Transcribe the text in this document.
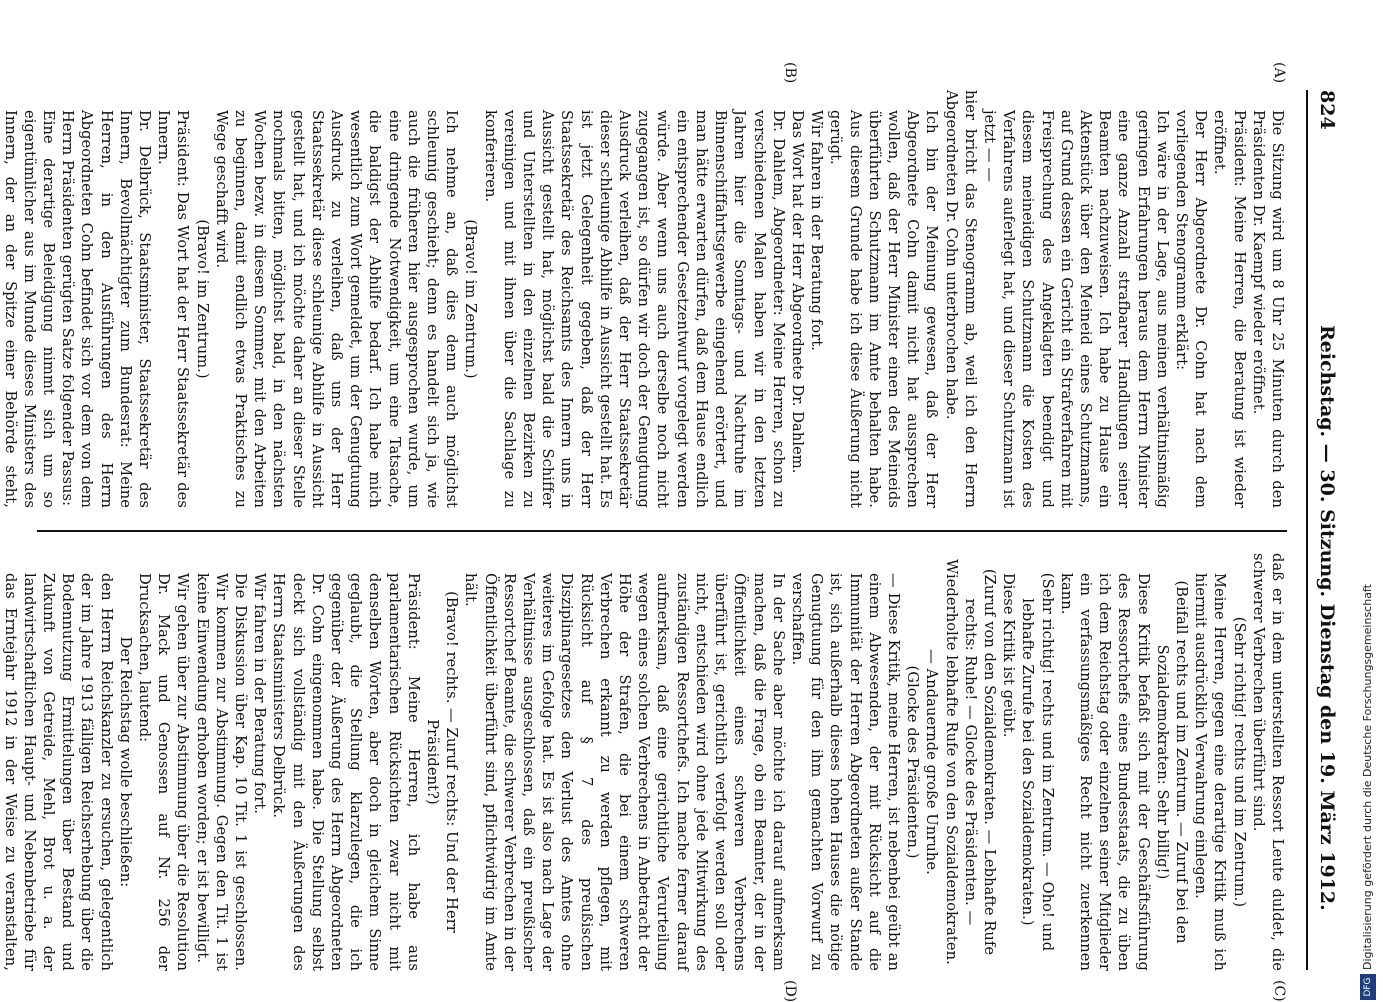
824
Reichstag. — 30. Sitzung. Dienstag den 19. März 1912.
(A)
(B)
(C)
(D)

Die Sitzung wird um 8 Uhr 25 Minuten durch den Präsidenten Dr. Kaempf wieder eröffnet.

Präsident: Meine Herren, die Beratung ist wieder eröffnet.

Der Herr Abgeordnete Dr. Cohn hat nach dem vorliegenden Stenogramm erklärt:

Ich wäre in der Lage, aus meinen verhältnismäßig geringen Erfahrungen heraus dem Herrn Minister eine ganze Anzahl strafbarer Handlungen seiner Beamten nachzuweisen. Ich habe zu Hause ein Aktenstück über den Meineid eines Schutzmanns, auf Grund dessen ein Gericht ein Strafverfahren mit Freisprechung des Angeklagten beendigt und diesem meineidigen Schutzmann die Kosten des Verfahrens auferlegt hat, und dieser Schutzmann ist jetzt — —

hier bricht das Stenogramm ab, weil ich den Herrn Abgeordneten Dr. Cohn unterbrochen habe.

Ich bin der Meinung gewesen, daß der Herr Abgeordnete Cohn damit nicht hat aussprechen wollen, daß der Herr Minister einen des Meineids überführten Schutzmann im Amte behalten habe. Aus diesem Grunde habe ich diese Äußerung nicht gerügt.

Wir fahren in der Beratung fort.

Das Wort hat der Herr Abgeordnete Dr. Dahlem.

Dr. Dahlem, Abgeordneter: Meine Herren, schon zu verschiedenen Malen haben wir in den letzten Jahren hier die Sonntags- und Nachtruhe im Binnenschiffahrtsgewerbe eingehend erörtert, und man hätte erwarten dürfen, daß dem Hause endlich ein entsprechender Gesetzentwurf vorgelegt werden würde. Aber wenn uns auch derselbe noch nicht zugegangen ist, so dürfen wir doch der Genugtuung Ausdruck verleihen, daß der Herr Staatssekretär dieser schleunige Abhilfe in Aussicht gestellt hat. Es ist jetzt Gelegenheit gegeben, daß der Herr Staatssekretär des Reichsamts des Innern uns in Aussicht gestellt hat, möglichst bald die Schiffer und Unterstellten in den einzelnen Bezirken zu vereinigen und mit ihnen über die Sachlage zu konferieren.

(Bravo! im Zentrum.)

Ich nehme an, daß dies denn auch möglichst schleunig geschieht; denn es handelt sich ja, wie auch die früheren hier ausgesprochen wurde, um eine dringende Notwendigkeit, um eine Tatsache, die baldigst der Abhilfe bedarf. Ich habe mich wesentlich zum Wort gemeldet, um der Genugtuung Ausdruck zu verleihen, daß uns der Herr Staatssekretär diese schleunige Abhilfe in Aussicht gestellt hat, und ich möchte daher an dieser Stelle nochmals bitten, möglichst bald, in den nächsten Wochen bezw. in diesem Sommer, mit den Arbeiten zu beginnen, damit endlich etwas Praktisches zu Wege geschafft wird.

(Bravo! im Zentrum.)

Präsident: Das Wort hat der Herr Staatssekretär des Innern.

Dr. Delbrück, Staatsminister, Staatssekretär des Innern, Bevollmächtigter zum Bundesrat: Meine Herren, in den Ausführungen des Herrn Abgeordneten Cohn befindet sich vor dem von dem Herrn Präsidenten gerügten Satze folgender Passus:

Eine derartige Beleidigung nimmt sich um so eigentümlicher aus im Munde dieses Ministers des Innern, der an der Spitze einer Behörde steht,

daß er in dem unterstellten Ressort Leute duldet, die schwerer Verbrechen überführt sind.

(Sehr richtig! rechts und im Zentrum.)

Meine Herren, gegen eine derartige Kritik muß ich hiermit ausdrücklich Verwahrung einlegen.

(Beifall rechts und im Zentrum. — Zuruf bei den Sozialdemokraten: Sehr billig!)

Diese Kritik befaßt sich mit der Geschäftsführung des Ressortchefs eines Bundesstaats, die zu üben ich dem Reichstag oder einzelnen seiner Mitglieder ein verfassungsmäßiges Recht nicht zuerkennen kann.

(Sehr richtig! rechts und im Zentrum. — Oho! und lebhafte Zurufe bei den Sozialdemokraten.)

Diese Kritik ist geübt.

(Zuruf von den Sozialdemokraten. — Lebhafte Rufe rechts: Ruhe! — Glocke des Präsidenten. — Wiederholte lebhafte Rufe von den Sozialdemokraten. — Andauernde große Unruhe.

(Glocke des Präsidenten.)

— Diese Kritik, meine Herren, ist nebenbei geübt an einem Abwesenden, der mit Rücksicht auf die Immunität der Herren Abgeordneten außer Stande ist, sich außerhalb dieses hohen Hauses die nötige Genugtuung für den ihm gemachten Vorwurf zu verschaffen.

In der Sache aber möchte ich darauf aufmerksam machen, daß die Frage, ob ein Beamter, der in der Öffentlichkeit eines schweren Verbrechens überführt ist, gerichtlich verfolgt werden soll oder nicht, entschieden wird ohne jede Mitwirkung des zuständigen Ressortchefs. Ich mache ferner darauf aufmerksam, daß eine gerichtliche Verurteilung wegen eines solchen Verbrechens in Anbetracht der Höhe der Strafen, die bei einem schweren Verbrechen erkannt zu werden pflegen, mit Rücksicht auf § 7 des preußischen Disziplinargesetzes den Verlust des Amtes ohne weiteres im Gefolge hat. Es ist also nach Lage der Verhältnisse ausgeschlossen, daß ein preußischer Ressortchef Beamte, die schwerer Verbrechen in der Öffentlichkeit überführt sind, pflichtwidrig im Amte hält.

(Bravo! rechts. — Zuruf rechts: Und der Herr Präsident?)

Präsident: Meine Herren, ich habe aus parlamentarischen Rücksichten zwar nicht mit denselben Worten, aber doch in gleichem Sinne geglaubt, die Stellung klarzulegen, die ich gegenüber der Äußerung des Herrn Abgeordneten Dr. Cohn eingenommen habe. Die Stellung selbst deckt sich vollständig mit den Äußerungen des Herrn Staatsministers Delbrück.

Wir fahren in der Beratung fort.

Die Diskussion über Kap. 10 Tit. 1 ist geschlossen. Wir kommen zur Abstimmung. Gegen den Tit. 1 ist keine Einwendung erhoben worden; er ist bewilligt.

Wir gehen über zur Abstimmung über die Resolution Dr. Mack und Genossen auf Nr. 256 der Drucksachen, lautend:

Der Reichstag wolle beschließen:

den Herrn Reichskanzler zu ersuchen, gelegentlich der im Jahre 1913 fälligen Reichserhebung über die Bodennutzung Ermittelungen über Bestand und Zukunft von Getreide, Mehl, Brot u. a. der landwirtschaftlichen Haupt- und Nebenbetriebe für das Erntejahr 1912 in der Weise zu veranstalten,

DFGDigitalisierung gefördert durch die Deutsche Forschungsgemeinschaft
